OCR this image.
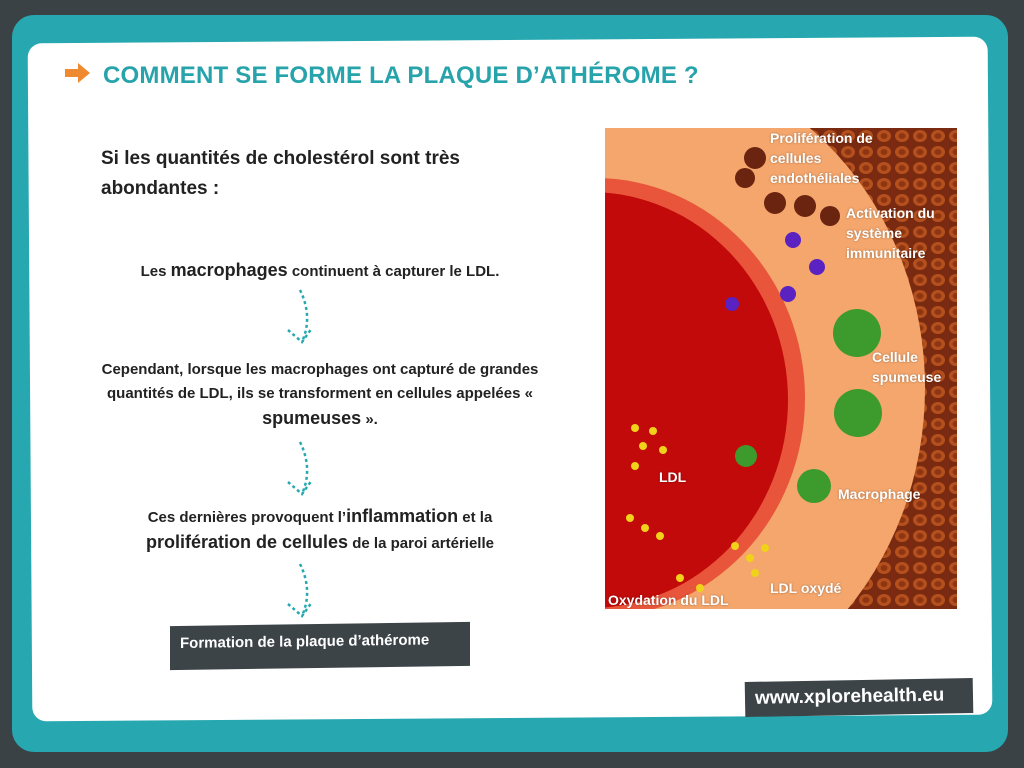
COMMENT SE FORME LA PLAQUE D’ATHÉROME ?
Si les quantités de cholestérol sont très abondantes :
Les macrophages continuent à capturer le LDL.
Cependant, lorsque les macrophages ont capturé de grandes quantités de LDL, ils se transforment en cellules appelées « spumeuses ».
Ces dernières provoquent l’inflammation et la
prolifération de cellules de la paroi artérielle
Formation de la plaque d’athérome
www.xplorehealth.eu
Prolifération de cellules endothéliales
Activation du système immunitaire
Cellule spumeuse
LDL
Macrophage
LDL oxydé
Oxydation du LDL
